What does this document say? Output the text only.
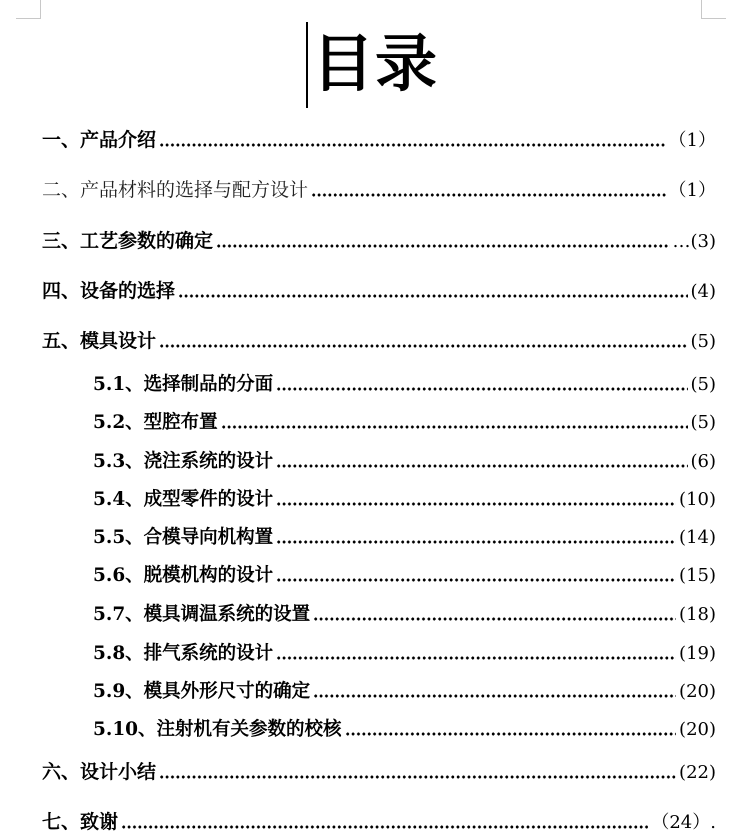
目录
一、产品介绍	（1）
二、产品材料的选择与配方设计	（1）
三、工艺参数的确定	…(3)
四、设备的选择	(4)
五、模具设计	(5)
5.1、选择制品的分面	(5)
5.2、型腔布置	(5)
5.3、浇注系统的设计	(6)
5.4、成型零件的设计	(10)
5.5、合模导向机构置	(14)
5.6、脱模机构的设计	(15)
5.7、模具调温系统的设置	(18)
5.8、排气系统的设计	(19)
5.9、模具外形尺寸的确定	(20)
5.10、注射机有关参数的校核	(20)
六、设计小结	(22)
七、致谢	（24）.
